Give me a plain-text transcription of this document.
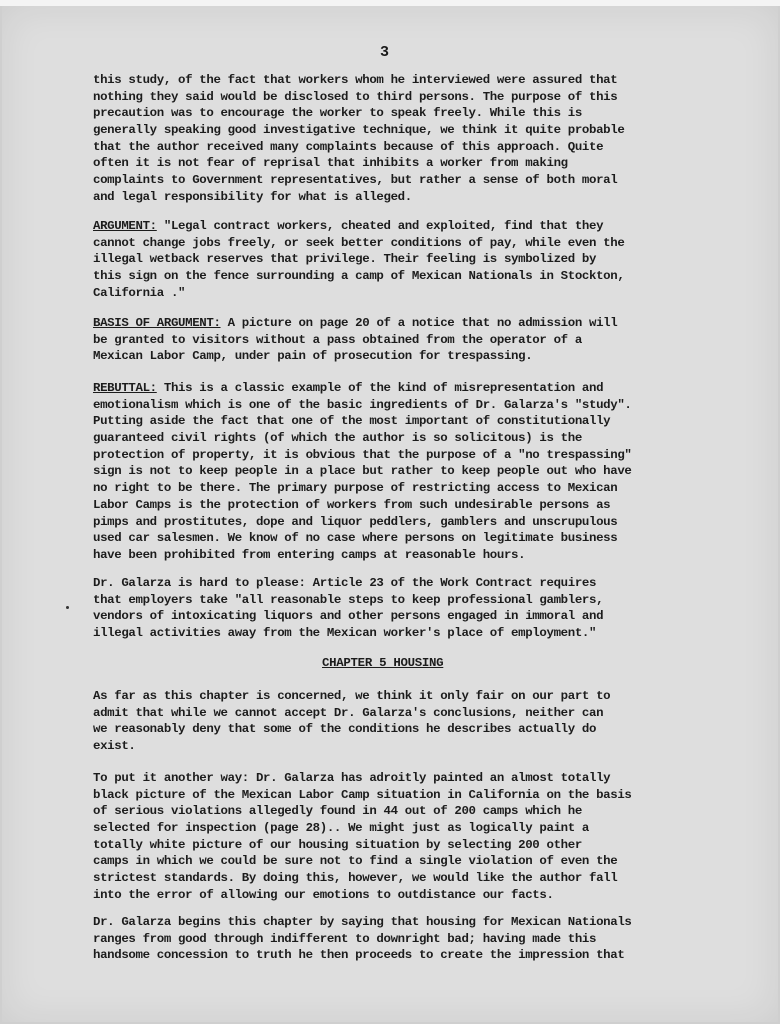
3
this study, of the fact that workers whom he interviewed were assured that
nothing they said would be disclosed to third persons. The purpose of this
precaution was to encourage the worker to speak freely. While this is
generally speaking good investigative technique, we think it quite probable
that the author received many complaints because of this approach. Quite
often it is not fear of reprisal that inhibits a worker from making
complaints to Government representatives, but rather a sense of both moral
and legal responsibility for what is alleged.
ARGUMENT: "Legal contract workers, cheated and exploited, find that they
cannot change jobs freely, or seek better conditions of pay, while even the
illegal wetback reserves that privilege. Their feeling is symbolized by
this sign on the fence surrounding a camp of Mexican Nationals in Stockton,
California ."
BASIS OF ARGUMENT: A picture on page 20 of a notice that no admission will
be granted to visitors without a pass obtained from the operator of a
Mexican Labor Camp, under pain of prosecution for trespassing.
REBUTTAL: This is a classic example of the kind of misrepresentation and
emotionalism which is one of the basic ingredients of Dr. Galarza's "study".
Putting aside the fact that one of the most important of constitutionally
guaranteed civil rights (of which the author is so solicitous) is the
protection of property, it is obvious that the purpose of a "no trespassing"
sign is not to keep people in a place but rather to keep people out who have
no right to be there. The primary purpose of restricting access to Mexican
Labor Camps is the protection of workers from such undesirable persons as
pimps and prostitutes, dope and liquor peddlers, gamblers and unscrupulous
used car salesmen. We know of no case where persons on legitimate business
have been prohibited from entering camps at reasonable hours.
Dr. Galarza is hard to please: Article 23 of the Work Contract requires
that employers take "all reasonable steps to keep professional gamblers,
vendors of intoxicating liquors and other persons engaged in immoral and
illegal activities away from the Mexican worker's place of employment."
CHAPTER 5 HOUSING
As far as this chapter is concerned, we think it only fair on our part to
admit that while we cannot accept Dr. Galarza's conclusions, neither can
we reasonably deny that some of the conditions he describes actually do
exist.
To put it another way: Dr. Galarza has adroitly painted an almost totally
black picture of the Mexican Labor Camp situation in California on the basis
of serious violations allegedly found in 44 out of 200 camps which he
selected for inspection (page 28).. We might just as logically paint a
totally white picture of our housing situation by selecting 200 other
camps in which we could be sure not to find a single violation of even the
strictest standards. By doing this, however, we would like the author fall
into the error of allowing our emotions to outdistance our facts.
Dr. Galarza begins this chapter by saying that housing for Mexican Nationals
ranges from good through indifferent to downright bad; having made this
handsome concession to truth he then proceeds to create the impression that
